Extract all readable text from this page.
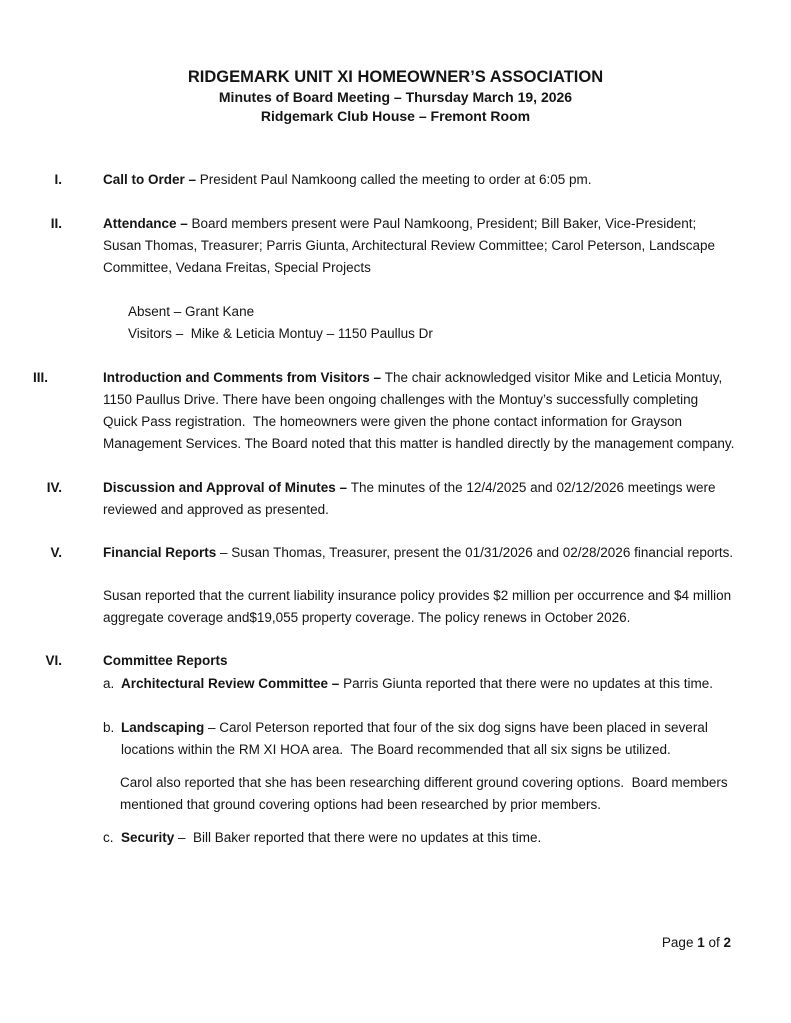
RIDGEMARK UNIT XI HOMEOWNER’S ASSOCIATION
Minutes of Board Meeting – Thursday March 19, 2026
Ridgemark Club House – Fremont Room
I.	Call to Order – President Paul Namkoong called the meeting to order at 6:05 pm.
II.	Attendance – Board members present were Paul Namkoong, President; Bill Baker, Vice-President; Susan Thomas, Treasurer; Parris Giunta, Architectural Review Committee; Carol Peterson, Landscape Committee, Vedana Freitas, Special Projects
Absent – Grant Kane
Visitors –  Mike & Leticia Montuy – 1150 Paullus Dr
III.	Introduction and Comments from Visitors – The chair acknowledged visitor Mike and Leticia Montuy, 1150 Paullus Drive. There have been ongoing challenges with the Montuy’s successfully completing Quick Pass registration.  The homeowners were given the phone contact information for Grayson Management Services. The Board noted that this matter is handled directly by the management company.
IV.	Discussion and Approval of Minutes – The minutes of the 12/4/2025 and 02/12/2026 meetings were reviewed and approved as presented.
V.	Financial Reports – Susan Thomas, Treasurer, present the 01/31/2026 and 02/28/2026 financial reports.
Susan reported that the current liability insurance policy provides $2 million per occurrence and $4 million aggregate coverage and$19,055 property coverage. The policy renews in October 2026.
VI.	Committee Reports
a. Architectural Review Committee – Parris Giunta reported that there were no updates at this time.
b. Landscaping – Carol Peterson reported that four of the six dog signs have been placed in several locations within the RM XI HOA area.  The Board recommended that all six signs be utilized.
Carol also reported that she has been researching different ground covering options.  Board members mentioned that ground covering options had been researched by prior members.
c. Security –  Bill Baker reported that there were no updates at this time.
Page 1 of 2
